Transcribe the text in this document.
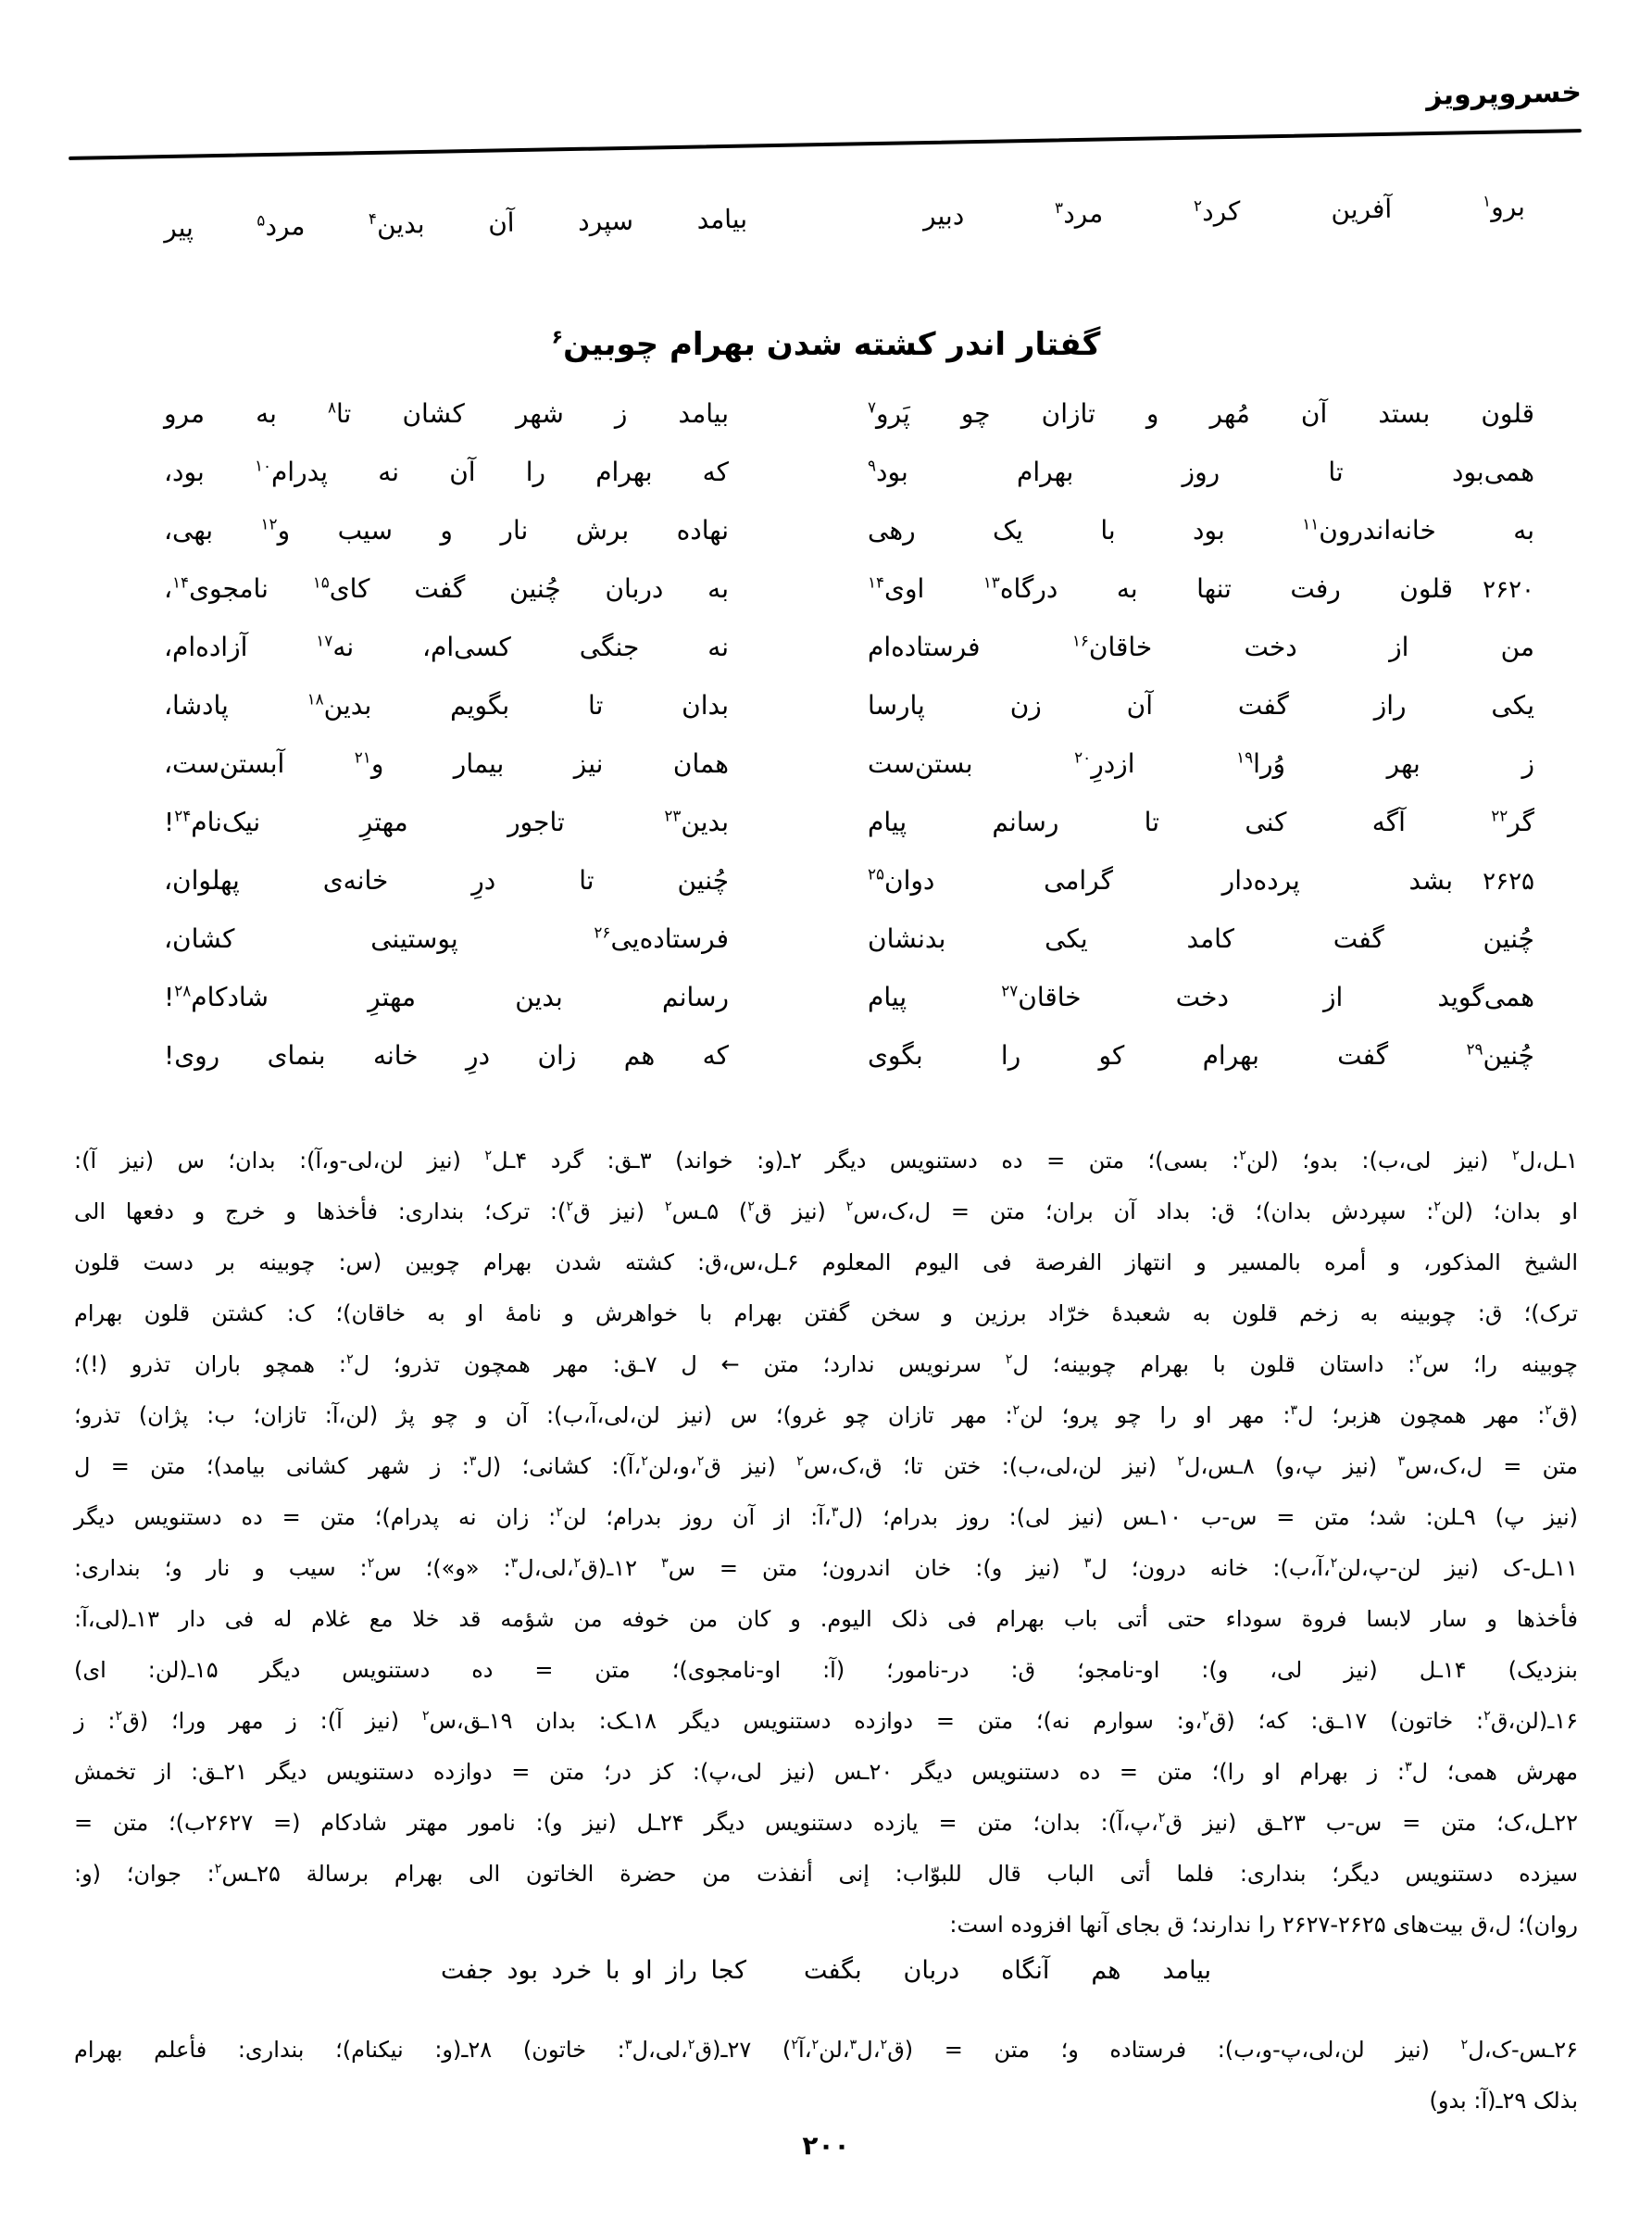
خسروپرویز
برو$^۱$ آفرین کرد$^۲$ مرد$^۳$ دبیر
بیامد سپرد آن بدین$^۴$ مرد$^۵$ پیر
گفتار اندر کشته شدن بهرام چوبین$^۶$
قلون بستد آن مُهر و تازان چو پَرو$^۷$
بیامد ز شهر کشان تا$^۸$ به مرو
همی‌بود تا روز بهرام بود$^۹$
که بهرام را آن نه پدرام$^{۱۰}$ بود،
به خانه‌اندرون$^{۱۱}$ بود با یک رهی
نهاده برش نار و سیب و$^{۱۲}$ بهی،
۲۶۲۰
قلون رفت تنها به درگاه$^{۱۳}$ اوی$^{۱۴}$
به دربان چُنین گفت کای$^{۱۵}$ نامجوی$^{۱۴}$،
من از دخت خاقان$^{۱۶}$ فرستاده‌ام
نه جنگی کسی‌ام، نه$^{۱۷}$ آزاده‌ام،
یکی راز گفت آن زن پارسا
بدان تا بگویم بدین$^{۱۸}$ پادشا،
ز بهر وُرا$^{۱۹}$ ازدرِ$^{۲۰}$ بستن‌ست
همان نیز بیمار و$^{۲۱}$ آبستن‌ست،
گر$^{۲۲}$ آگه کنی تا رسانم پیام
بدین$^{۲۳}$ تاجور مهترِ نیک‌نام$^{۲۴}$!
۲۶۲۵
بشد پرده‌دار گرامی دوان$^{۲۵}$
چُنین تا درِ خانه‌ی پهلوان،
چُنین گفت کامد یکی بدنشان
فرستاده‌یی$^{۲۶}$ پوستینی کشان،
همی‌گوید از دخت خاقان$^{۲۷}$ پیام
رسانم بدین مهترِ شادکام$^{۲۸}$!
چُنین$^{۲۹}$ گفت بهرام کو را بگوی
که هم زان درِ خانه بنمای روی!
۱ـل،ل$^۲$ (نیز لی،ب): بدو؛ (لن$^۲$: بسی)؛ متن = ده دستنویس دیگر ۲ـ(و: خواند) ۳ـق: گرد ۴ـل$^۲$ (نیز لن،لی-و،آ): بدان؛ س (نیز آ):
او بدان؛ (لن$^۲$: سپردش بدان)؛ ق: بداد آن بران؛ متن = ل،ک،س$^۲$ (نیز ق$^۲$) ۵ـس$^۲$ (نیز ق$^۲$): ترک؛ بنداری: فأخذها و خرج و دفعها الی
الشیخ المذکور، و أمره بالمسیر و انتهاز الفرصة فی الیوم المعلوم ۶ـل،س،ق: کشته شدن بهرام چوبین (س: چوبینه بر دست قلون
ترک)؛ ق: چوبینه به زخم قلون به شعبدهٔ خرّاد برزین و سخن گفتن بهرام با خواهرش و نامهٔ او به خاقان)؛ ک: کشتن قلون بهرام
چوبینه را؛ س$^۲$: داستان قلون با بهرام چوبینه؛ ل$^۲$ سرنویس ندارد؛ متن ← ل ۷ـق: مهر همچون تذرو؛ ل$^۲$: همچو باران تذرو (!)؛
(ق$^۲$: مهر همچون هزبر؛ ل$^۳$: مهر او را چو پرو؛ لن$^۲$: مهر تازان چو غرو)؛ س (نیز لن،لی،آ،ب): آن و چو پژ (لن،آ: تازان؛ ب: پژان) تذرو؛
متن = ل،ک،س$^۳$ (نیز پ،و) ۸ـس،ل$^۲$ (نیز لن،لی،ب): ختن تا؛ ق،ک،س$^۲$ (نیز ق$^۲$،و،لن$^۲$،آ): کشانی؛ (ل$^۳$: ز شهر کشانی بیامد)؛ متن = ل
(نیز پ) ۹ـلن: شد؛ متن = س-ب ۱۰ـس (نیز لی): روز بدرام؛ (ل$^۳$،آ: از آن روز بدرام؛ لن$^۲$: زان نه پدرام)؛ متن = ده دستنویس دیگر
۱۱ـل-ک (نیز لن-پ،لن$^۲$،آ،ب): خانه درون؛ ل$^۳$ (نیز و): خان اندرون؛ متن = س$^۳$ ۱۲ـ(ق$^۲$،لی،ل$^۳$: «و»)؛ س$^۲$: سیب و نار و؛ بنداری:
فأخذها و سار لابسا فروة سوداء حتی أتی باب بهرام فی ذلک الیوم. و کان من خوفه من شؤمه قد خلا مع غلام له فی دار ۱۳ـ(لی،آ:
بنزدیک) ۱۴ـل (نیز لی، و): او-نامجو؛ ق: در-نامور؛ (آ: او-نامجوی)؛ متن = ده دستنویس دیگر ۱۵ـ(لن: ای)
۱۶ـ(لن،ق$^۲$: خاتون) ۱۷ـق: که؛ (ق$^۲$،و: سوارم نه)؛ متن = دوازده دستنویس دیگر ۱۸ـک: بدان ۱۹ـق،س$^۲$ (نیز آ): ز مهر ورا؛ (ق$^۲$: ز
مهرش همی؛ ل$^۳$: ز بهرام او را)؛ متن = ده دستنویس دیگر ۲۰ـس (نیز لی،پ): کز در؛ متن = دوازده دستنویس دیگر ۲۱ـق: از تخمش
۲۲ـل،ک؛ متن = س-ب ۲۳ـق (نیز ق$^۲$،پ،آ): بدان؛ متن = یازده دستنویس دیگر ۲۴ـل (نیز و): نامور مهتر شادکام (= ۲۶۲۷ب)؛ متن =
سیزده دستنویس دیگر؛ بنداری: فلما أتی الباب قال للبوّاب: إنی أنفذت من حضرة الخاتون الی بهرام برسالة ۲۵ـس$^۲$: جوان؛ (و:
روان)؛ ل،ق بیت‌های ۲۶۲۵-۲۶۲۷ را ندارند؛ ق بجای آنها افزوده است:
بیامد هم آنگاه دربان بگفت
کجا راز او با خرد بود جفت
۲۶ـس-ک،ل$^۲$ (نیز لن،لی،پ-و،ب): فرستاده و؛ متن = (ق$^۲$،ل$^۳$،لن$^۲$،آ$^۲$) ۲۷ـ(ق$^۲$،لی،ل$^۳$: خاتون) ۲۸ـ(و: نیکنام)؛ بنداری: فأعلم بهرام
بذلک ۲۹ـ(آ: بدو)
۲۰۰
